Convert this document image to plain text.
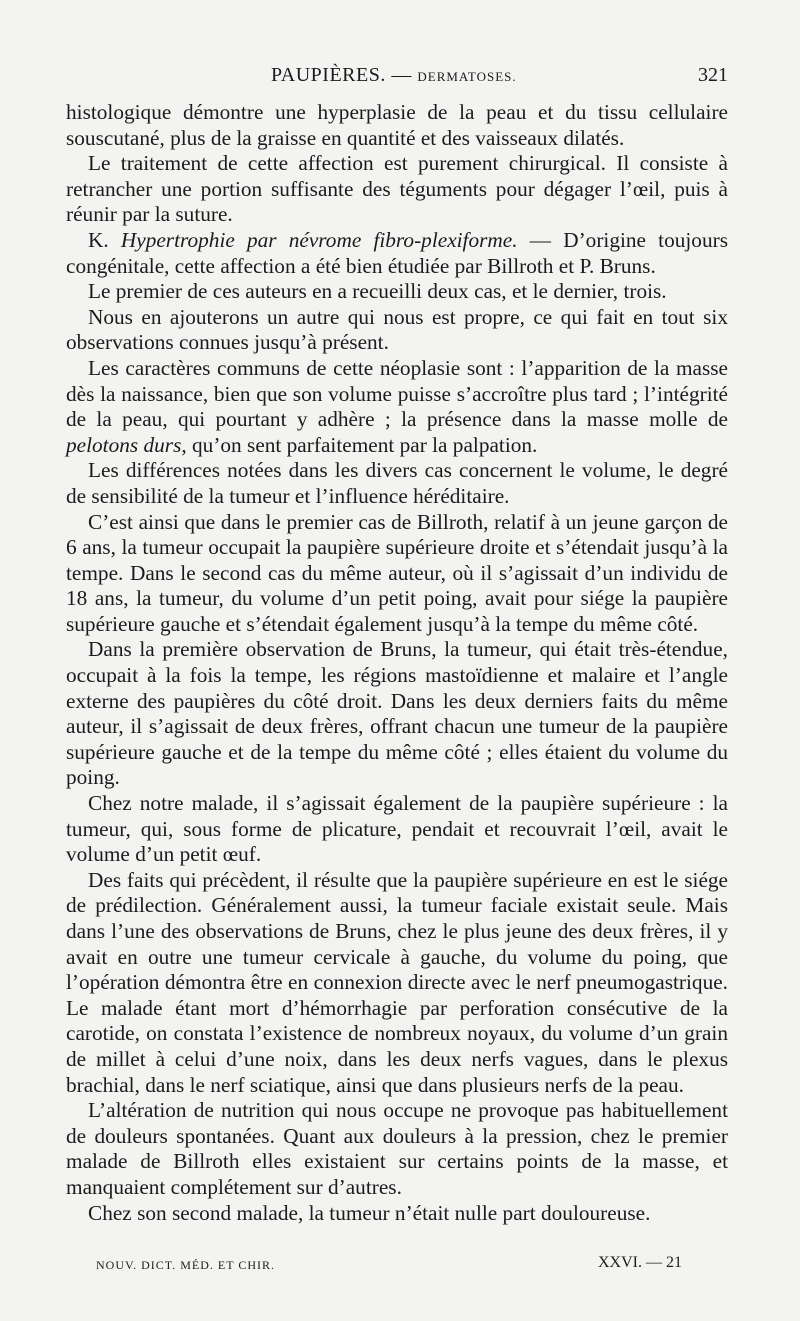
PAUPIÈRES. — DERMATOSES.	321

histologique démontre une hyperplasie de la peau et du tissu cellulaire souscutané, plus de la graisse en quantité et des vaisseaux dilatés.

Le traitement de cette affection est purement chirurgical. Il consiste à retrancher une portion suffisante des téguments pour dégager l’œil, puis à réunir par la suture.

K. Hypertrophie par névrome fibro-plexiforme. — D’origine toujours congénitale, cette affection a été bien étudiée par Billroth et P. Bruns.

Le premier de ces auteurs en a recueilli deux cas, et le dernier, trois.

Nous en ajouterons un autre qui nous est propre, ce qui fait en tout six observations connues jusqu’à présent.

Les caractères communs de cette néoplasie sont : l’apparition de la masse dès la naissance, bien que son volume puisse s’accroître plus tard ; l’intégrité de la peau, qui pourtant y adhère ; la présence dans la masse molle de pelotons durs, qu’on sent parfaitement par la palpation.

Les différences notées dans les divers cas concernent le volume, le degré de sensibilité de la tumeur et l’influence héréditaire.

C’est ainsi que dans le premier cas de Billroth, relatif à un jeune garçon de 6 ans, la tumeur occupait la paupière supérieure droite et s’étendait jusqu’à la tempe. Dans le second cas du même auteur, où il s’agissait d’un individu de 18 ans, la tumeur, du volume d’un petit poing, avait pour siége la paupière supérieure gauche et s’étendait également jusqu’à la tempe du même côté.

Dans la première observation de Bruns, la tumeur, qui était très-étendue, occupait à la fois la tempe, les régions mastoïdienne et malaire et l’angle externe des paupières du côté droit. Dans les deux derniers faits du même auteur, il s’agissait de deux frères, offrant chacun une tumeur de la paupière supérieure gauche et de la tempe du même côté ; elles étaient du volume du poing.

Chez notre malade, il s’agissait également de la paupière supérieure : la tumeur, qui, sous forme de plicature, pendait et recouvrait l’œil, avait le volume d’un petit œuf.

Des faits qui précèdent, il résulte que la paupière supérieure en est le siége de prédilection. Généralement aussi, la tumeur faciale existait seule. Mais dans l’une des observations de Bruns, chez le plus jeune des deux frères, il y avait en outre une tumeur cervicale à gauche, du volume du poing, que l’opération démontra être en connexion directe avec le nerf pneumogastrique. Le malade étant mort d’hémorrhagie par perforation consécutive de la carotide, on constata l’existence de nombreux noyaux, du volume d’un grain de millet à celui d’une noix, dans les deux nerfs vagues, dans le plexus brachial, dans le nerf sciatique, ainsi que dans plusieurs nerfs de la peau.

L’altération de nutrition qui nous occupe ne provoque pas habituellement de douleurs spontanées. Quant aux douleurs à la pression, chez le premier malade de Billroth elles existaient sur certains points de la masse, et manquaient complétement sur d’autres.

Chez son second malade, la tumeur n’était nulle part douloureuse.

NOUV. DICT. MÉD. ET CHIR.	XXVI. — 21
